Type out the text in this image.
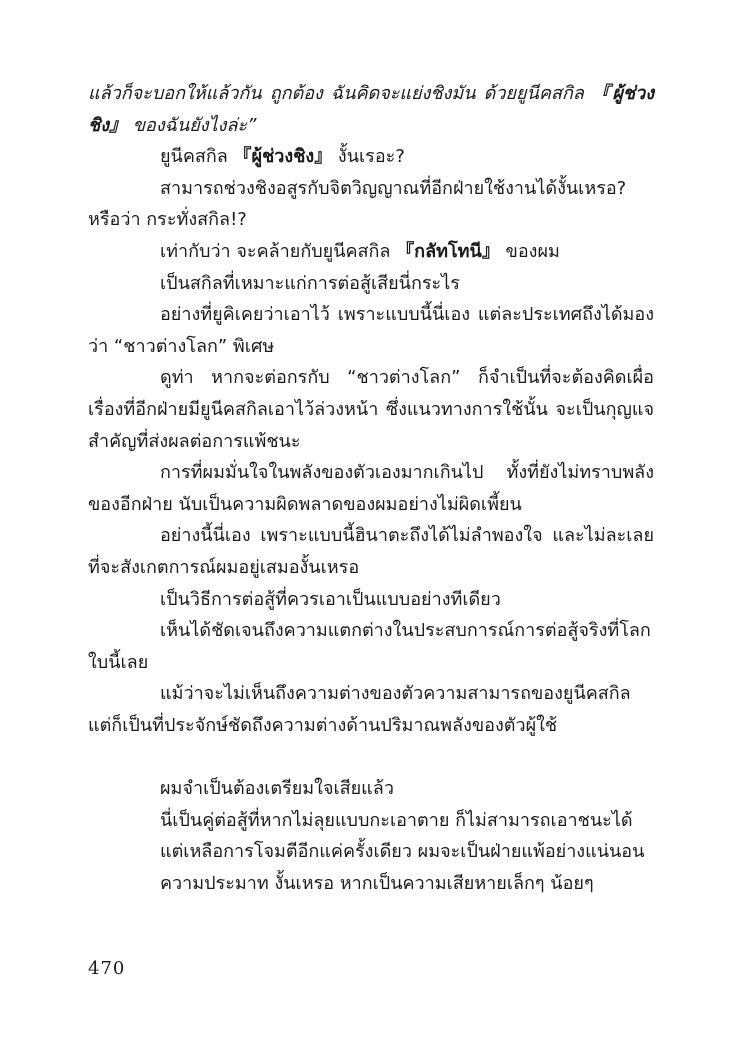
แล้วก็จะบอกให้แล้วกัน ถูกต้อง ฉันคิดจะแย่งชิงมัน ด้วยยูนีคสกิล 『ผู้ช่วงชิง』 ของฉันยังไงล่ะ”

ยูนีคสกิล 『ผู้ช่วงชิง』 งั้นเรอะ?

สามารถช่วงชิงอสูรกับจิตวิญญาณที่อีกฝ่ายใช้งานได้งั้นเหรอ? หรือว่า กระทั่งสกิล!?

เท่ากับว่า จะคล้ายกับยูนีคสกิล 『กลัทโทนี』 ของผม

เป็นสกิลที่เหมาะแก่การต่อสู้เสียนี่กระไร

อย่างที่ยูคิเคยว่าเอาไว้ เพราะแบบนี้นี่เอง แต่ละประเทศถึงได้มองว่า “ชาวต่างโลก” พิเศษ

ดูท่า หากจะต่อกรกับ “ชาวต่างโลก” ก็จำเป็นที่จะต้องคิดเผื่อเรื่องที่อีกฝ่ายมียูนีคสกิลเอาไว้ล่วงหน้า ซึ่งแนวทางการใช้นั้น จะเป็นกุญแจสำคัญที่ส่งผลต่อการแพ้ชนะ

การที่ผมมั่นใจในพลังของตัวเองมากเกินไป ทั้งที่ยังไม่ทราบพลังของอีกฝ่าย นับเป็นความผิดพลาดของผมอย่างไม่ผิดเพี้ยน

อย่างนี้นี่เอง เพราะแบบนี้ฮินาตะถึงได้ไม่ลำพองใจ และไม่ละเลยที่จะสังเกตการณ์ผมอยู่เสมองั้นเหรอ

เป็นวิธีการต่อสู้ที่ควรเอาเป็นแบบอย่างทีเดียว

เห็นได้ชัดเจนถึงความแตกต่างในประสบการณ์การต่อสู้จริงที่โลกใบนี้เลย

แม้ว่าจะไม่เห็นถึงความต่างของตัวความสามารถของยูนีคสกิล แต่ก็เป็นที่ประจักษ์ชัดถึงความต่างด้านปริมาณพลังของตัวผู้ใช้

ผมจำเป็นต้องเตรียมใจเสียแล้ว

นี่เป็นคู่ต่อสู้ที่หากไม่ลุยแบบกะเอาตาย ก็ไม่สามารถเอาชนะได้

แต่เหลือการโจมตีอีกแค่ครั้งเดียว ผมจะเป็นฝ่ายแพ้อย่างแน่นอน

ความประมาท งั้นเหรอ หากเป็นความเสียหายเล็กๆ น้อยๆ

470
